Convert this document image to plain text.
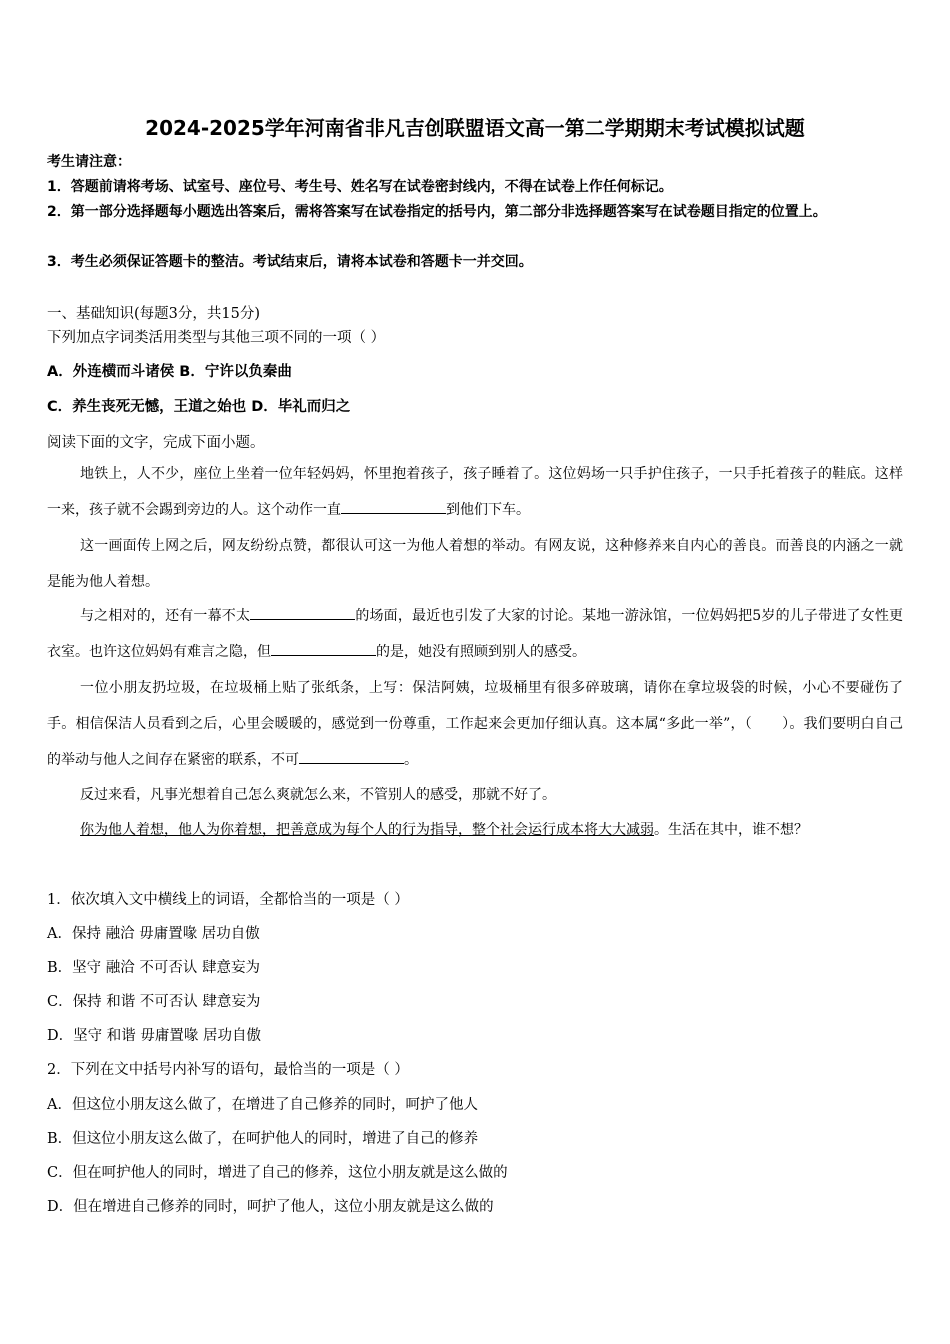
2024-2025学年河南省非凡吉创联盟语文高一第二学期期末考试模拟试题
考生请注意：
1．答题前请将考场、试室号、座位号、考生号、姓名写在试卷密封线内，不得在试卷上作任何标记。
2．第一部分选择题每小题选出答案后，需将答案写在试卷指定的括号内，第二部分非选择题答案写在试卷题目指定的位置上。
3．考生必须保证答题卡的整洁。考试结束后，请将本试卷和答题卡一并交回。
一、基础知识(每题3分，共15分)
下列加点字词类活用类型与其他三项不同的一项（ ）
A．外连横而斗诸侯 B．宁许以负秦曲
C．养生丧死无憾，王道之始也 D．毕礼而归之
阅读下面的文字，完成下面小题。
地铁上，人不少，座位上坐着一位年轻妈妈，怀里抱着孩子，孩子睡着了。这位妈场一只手护住孩子，一只手托着孩子的鞋底。这样一来，孩子就不会踢到旁边的人。这个动作一直	到他们下车。
这一画面传上网之后，网友纷纷点赞，都很认可这一为他人着想的举动。有网友说，这种修养来自内心的善良。而善良的内涵之一就是能为他人着想。
与之相对的，还有一幕不太	的场面，最近也引发了大家的讨论。某地一游泳馆，一位妈妈把5岁的儿子带进了女性更衣室。也许这位妈妈有难言之隐，但	的是，她没有照顾到别人的感受。
一位小朋友扔垃圾，在垃圾桶上贴了张纸条，上写：保洁阿姨，垃圾桶里有很多碎玻璃，请你在拿垃圾袋的时候，小心不要碰伤了手。相信保洁人员看到之后，心里会暖暖的，感觉到一份尊重，工作起来会更加仔细认真。这本属“多此一举”，（ ）。我们要明白自己的举动与他人之间存在紧密的联系，不可	。
反过来看，凡事光想着自己怎么爽就怎么来，不管别人的感受，那就不好了。
你为他人着想，他人为你着想，把善意成为每个人的行为指导，整个社会运行成本将大大减弱。生活在其中，谁不想？
1．依次填入文中横线上的词语，全都恰当的一项是（ ）
A．保持 融洽 毋庸置喙 居功自傲
B．坚守 融洽 不可否认 肆意妄为
C．保持 和谐 不可否认 肆意妄为
D．坚守 和谐 毋庸置喙 居功自傲
2．下列在文中括号内补写的语句，最恰当的一项是（ ）
A．但这位小朋友这么做了，在增进了自己修养的同时，呵护了他人
B．但这位小朋友这么做了，在呵护他人的同时，增进了自己的修养
C．但在呵护他人的同时，增进了自己的修养，这位小朋友就是这么做的
D．但在增进自己修养的同时，呵护了他人，这位小朋友就是这么做的
